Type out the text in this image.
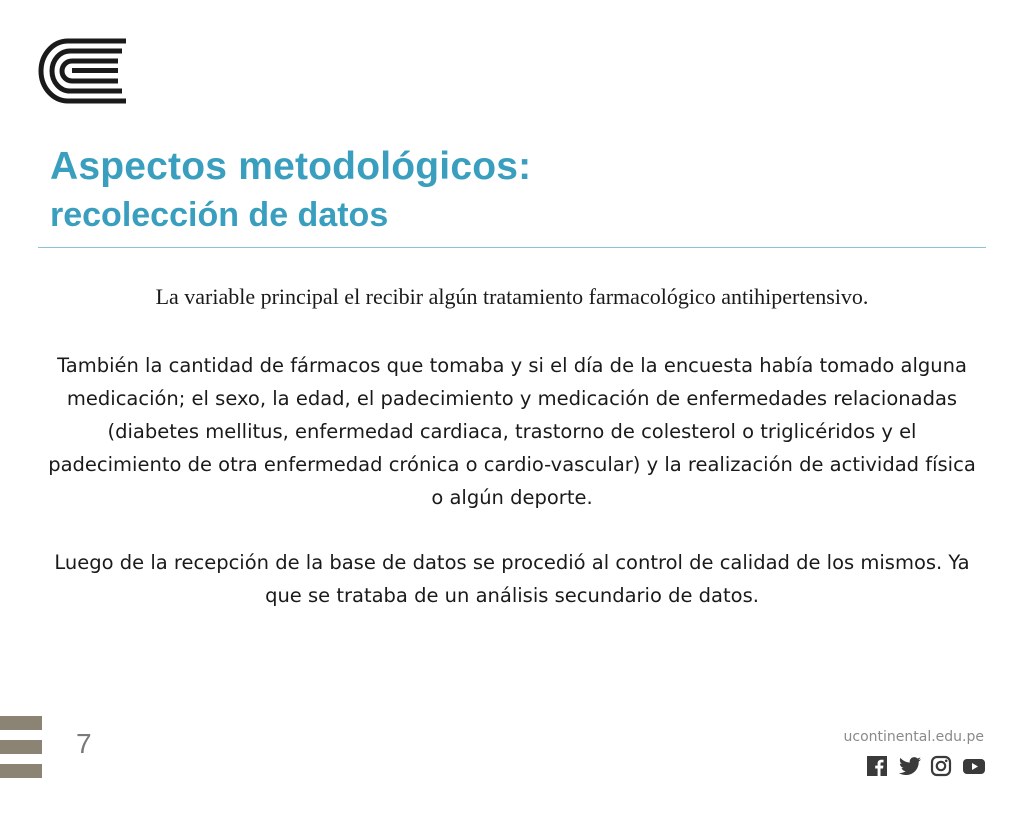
Aspectos metodológicos:
recolección de datos

La variable principal el recibir algún tratamiento farmacológico antihipertensivo.

También la cantidad de fármacos que tomaba y si el día de la encuesta había tomado alguna medicación; el sexo, la edad, el padecimiento y medicación de enfermedades relacionadas (diabetes mellitus, enfermedad cardiaca, trastorno de colesterol o triglicéridos y el padecimiento de otra enfermedad crónica o cardio-vascular) y la realización de actividad física o algún deporte.

Luego de la recepción de la base de datos se procedió al control de calidad de los mismos. Ya que se trataba de un análisis secundario de datos.

7	ucontinental.edu.pe
